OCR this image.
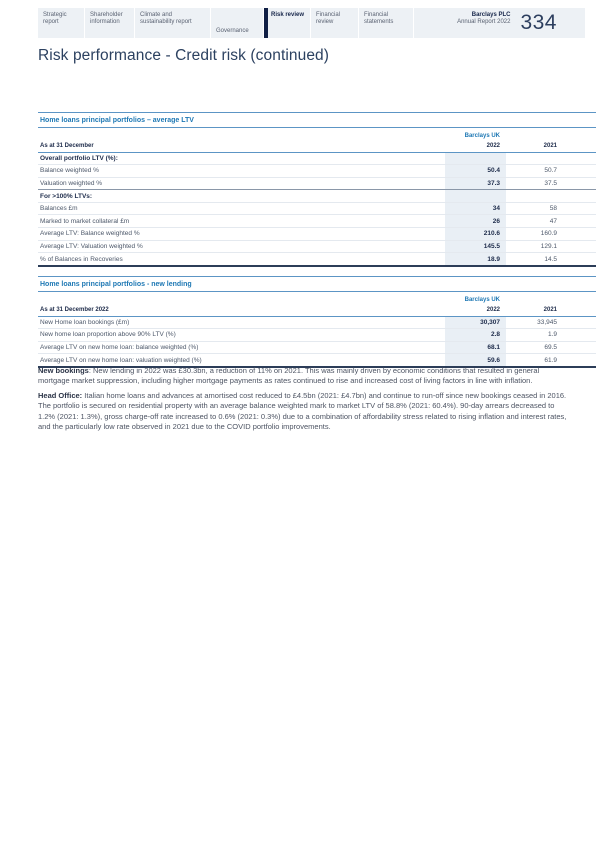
Strategic report
Shareholder information
Climate and sustainability report
Governance
Risk review Financial review
Financial statements
Barclays PLC
Annual Report 2022 334
Risk performance - Credit risk (continued)
Home loans principal portfolios – average LTV
Barclays UK
As at 31 December	2022	2021
Overall portfolio LTV (%):
Balance weighted %	50.4	50.7
Valuation weighted %	37.3	37.5
For >100% LTVs:
Balances £m	34	58
Marked to market collateral £m	26	47
Average LTV: Balance weighted %	210.6	160.9
Average LTV: Valuation weighted %	145.5	129.1
% of Balances in Recoveries	18.9	14.5
Home loans principal portfolios - new lending
Barclays UK
As at 31 December 2022	2022	2021
New Home loan bookings (£m)	30,307	33,945
New home loan proportion above 90% LTV (%)	2.8	1.9
Average LTV on new home loan: balance weighted (%)	68.1	69.5
Average LTV on new home loan: valuation weighted (%)	59.6	61.9

New bookings: New lending in 2022 was £30.3bn, a reduction of 11% on 2021. This was mainly driven by economic conditions that resulted in general mortgage market suppression, including higher mortgage payments as rates continued to rise and increased cost of living factors in line with inflation.

Head Office: Italian home loans and advances at amortised cost reduced to £4.5bn (2021: £4.7bn) and continue to run-off since new bookings ceased in 2016. The portfolio is secured on residential property with an average balance weighted mark to market LTV of 58.8% (2021: 60.4%). 90-day arrears decreased to 1.2% (2021: 1.3%), gross charge-off rate increased to 0.6% (2021: 0.3%) due to a combination of affordability stress related to rising inflation and interest rates, and the particularly low rate observed in 2021 due to the COVID portfolio improvements.
